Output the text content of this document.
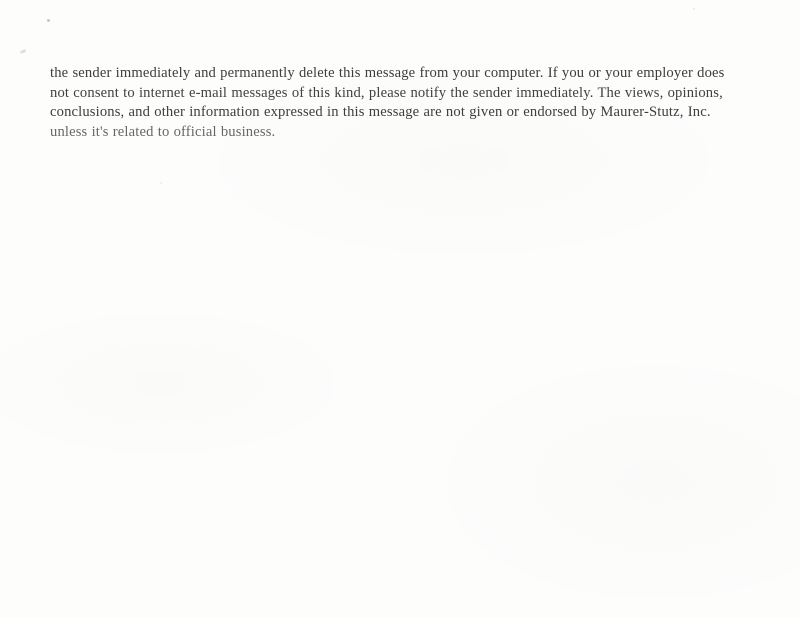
the sender immediately and permanently delete this message from your computer. If you or your employer does
not consent to internet e-mail messages of this kind, please notify the sender immediately. The views, opinions,
conclusions, and other information expressed in this message are not given or endorsed by Maurer-Stutz, Inc.
unless it's related to official business.
